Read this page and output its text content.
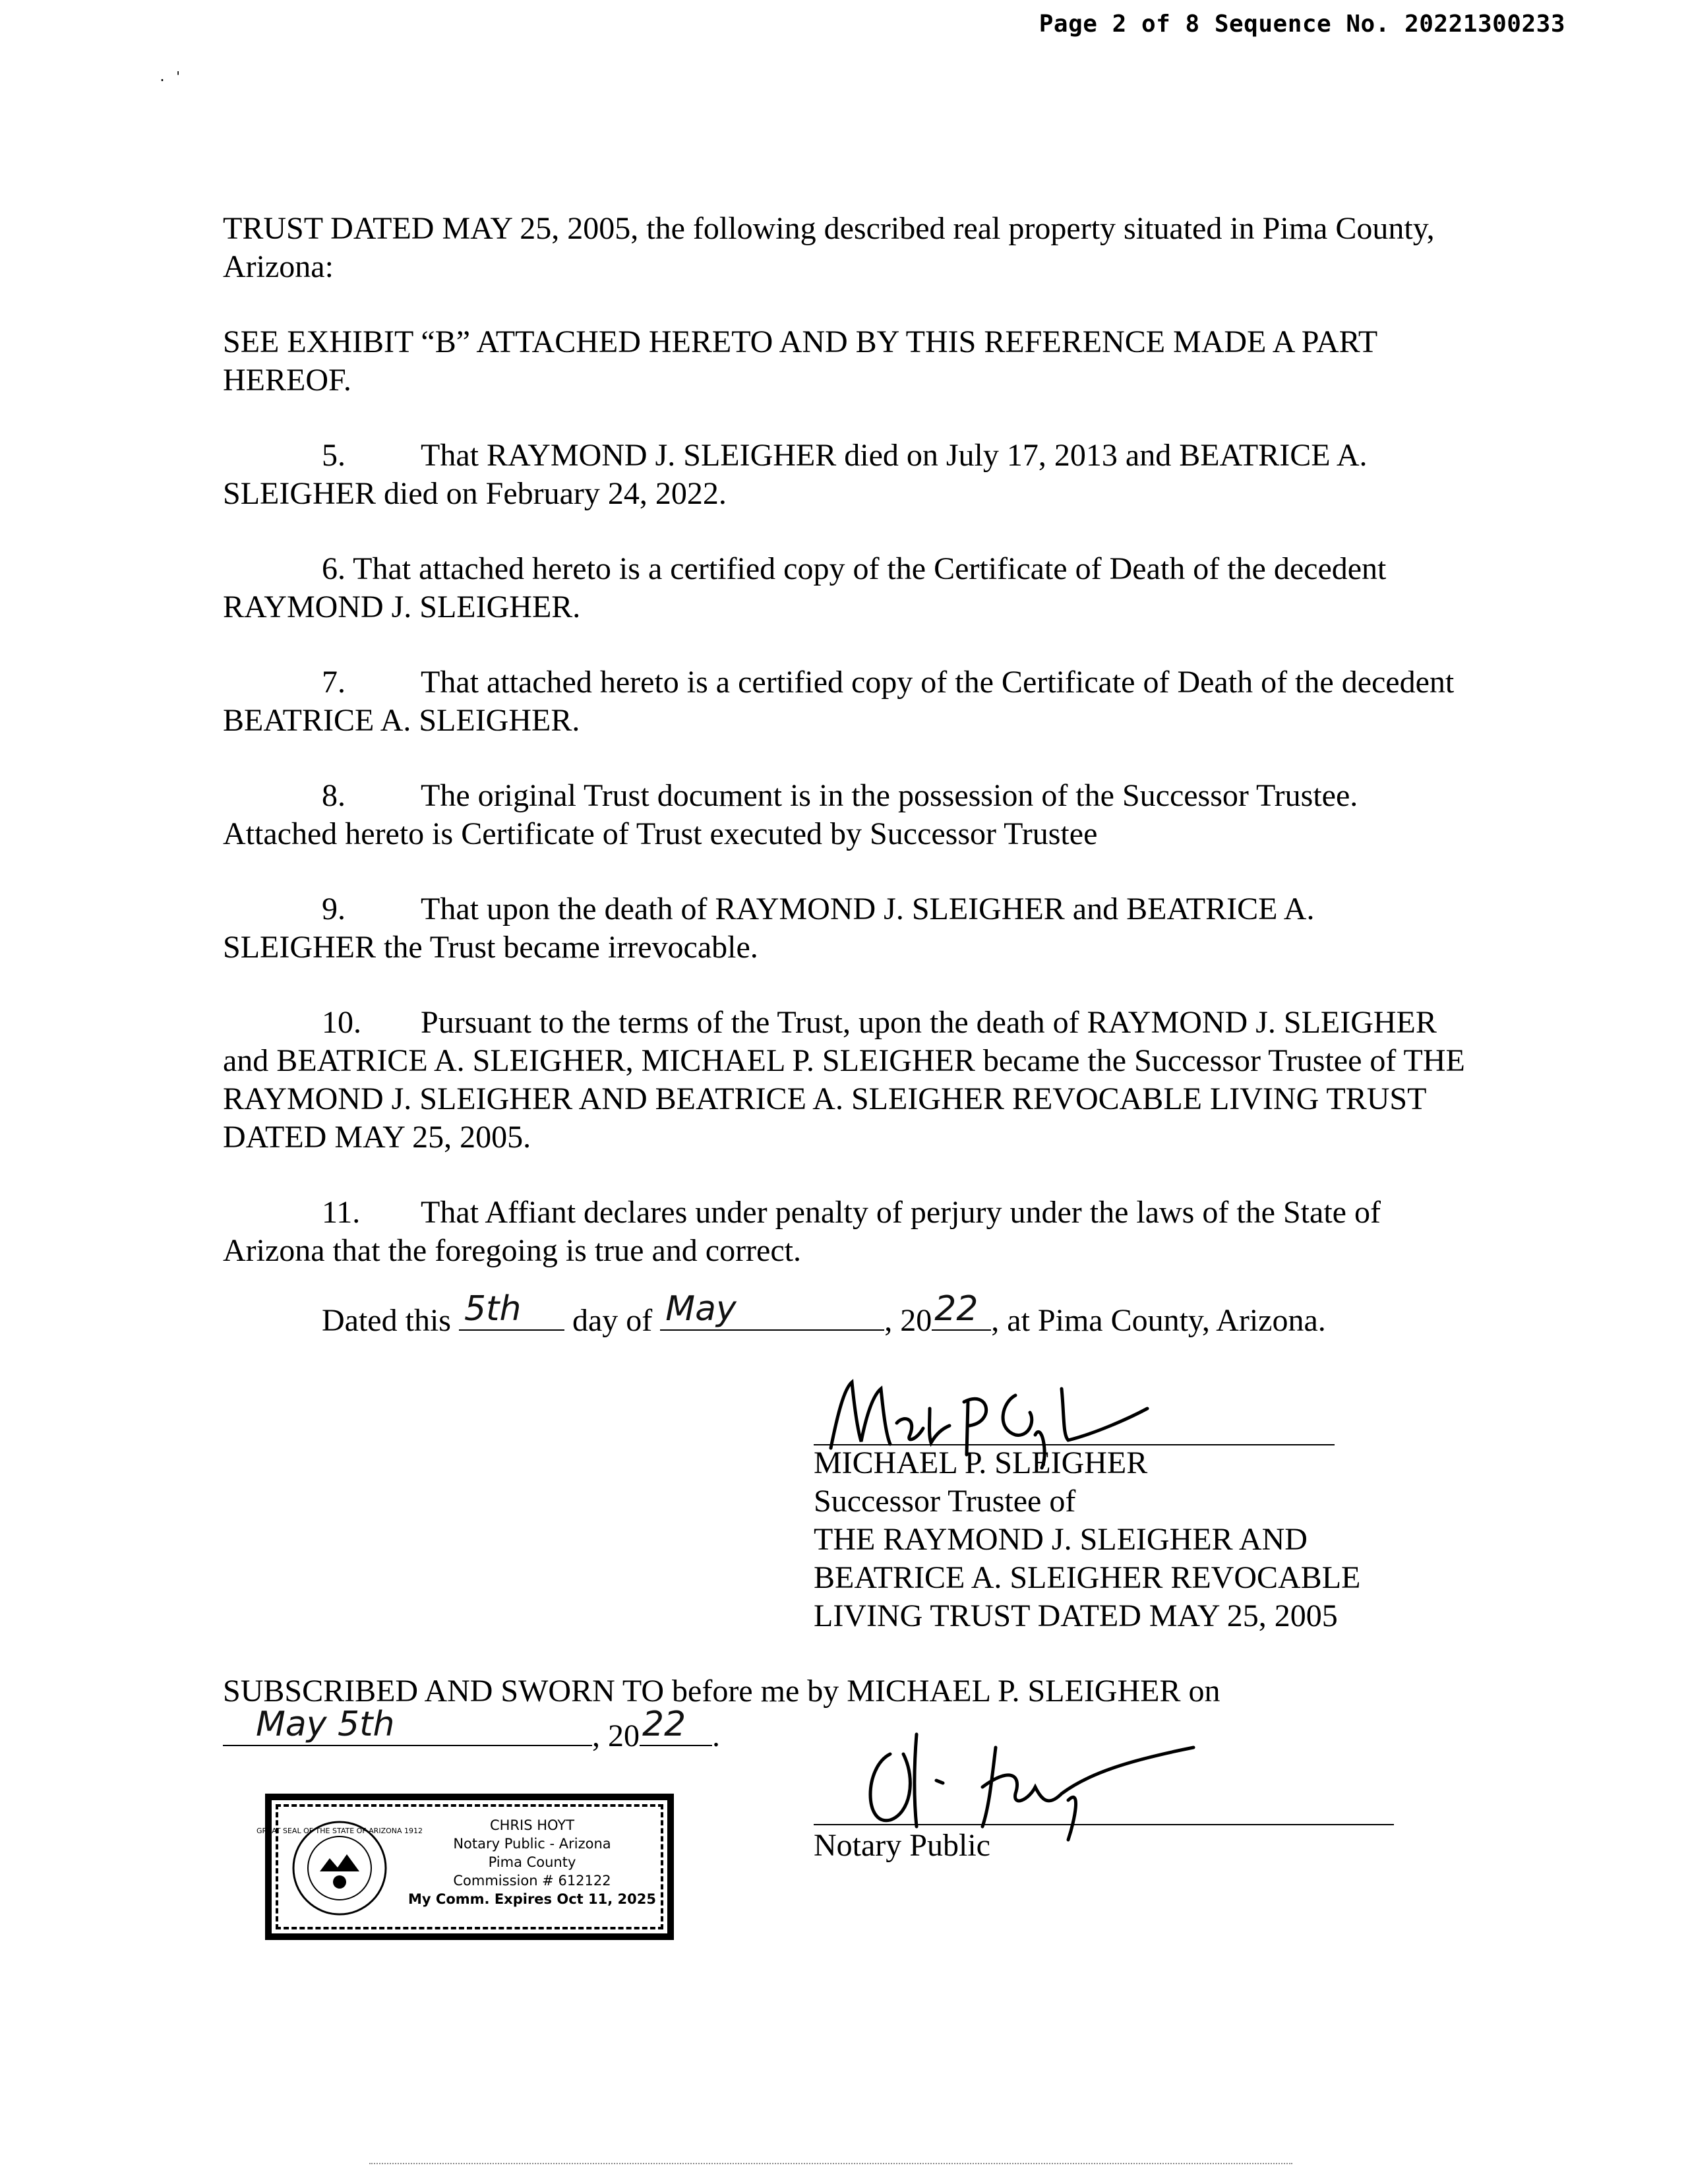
Page 2 of 8 Sequence No. 20221300233
. '

TRUST DATED MAY 25, 2005, the following described real property situated in Pima County, Arizona:

SEE EXHIBIT “B” ATTACHED HERETO AND BY THIS REFERENCE MADE A PART HEREOF.

5. That RAYMOND J. SLEIGHER died on July 17, 2013 and BEATRICE A. SLEIGHER died on February 24, 2022.

6. That attached hereto is a certified copy of the Certificate of Death of the decedent RAYMOND J. SLEIGHER.

7. That attached hereto is a certified copy of the Certificate of Death of the decedent BEATRICE A. SLEIGHER.

8. The original Trust document is in the possession of the Successor Trustee. Attached hereto is Certificate of Trust executed by Successor Trustee

9. That upon the death of RAYMOND J. SLEIGHER and BEATRICE A. SLEIGHER the Trust became irrevocable.

10. Pursuant to the terms of the Trust, upon the death of RAYMOND J. SLEIGHER and BEATRICE A. SLEIGHER, MICHAEL P. SLEIGHER became the Successor Trustee of THE RAYMOND J. SLEIGHER AND BEATRICE A. SLEIGHER REVOCABLE LIVING TRUST DATED MAY 25, 2005.

11. That Affiant declares under penalty of perjury under the laws of the State of Arizona that the foregoing is true and correct.

Dated this 5th day of May	, 20 22 , at Pima County, Arizona.
MICHAEL P. SLEIGHER
Successor Trustee of
THE RAYMOND J. SLEIGHER AND
BEATRICE A. SLEIGHER REVOCABLE
LIVING TRUST DATED MAY 25, 2005
SUBSCRIBED AND SWORN TO before me by MICHAEL P. SLEIGHER on
May 5th	, 20 22 .
Notary Public
GREAT SEAL OF THE STATE OF ARIZONA 1912	CHRIS HOYT
Notary Public - Arizona
Pima County
Commission # 612122
My Comm. Expires Oct 11, 2025
